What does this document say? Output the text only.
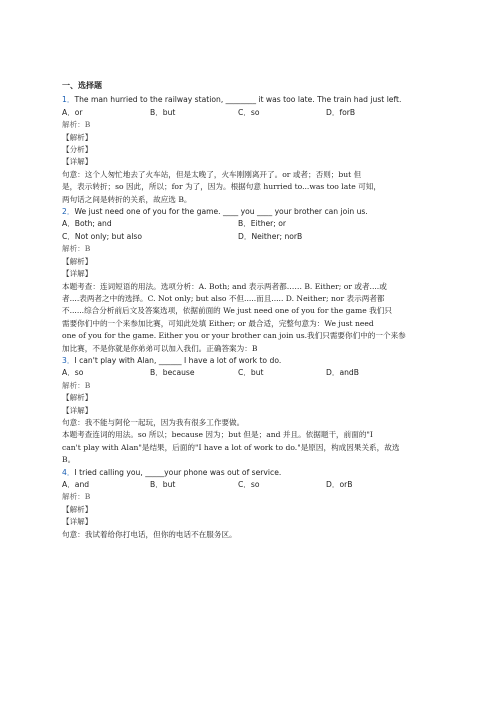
一、选择题
1．The man hurried to the railway station, ________ it was too late. The train had just left.
A．or	B．but	C．so	D．forB
解析：B
【解析】
【分析】
【详解】
句意：这个人匆忙地去了火车站，但是太晚了，火车刚刚离开了。or 或者；否则；but 但
是，表示转折；so 因此，所以；for 为了，因为。根据句意 hurried to...was too late 可知，
两句话之间是转折的关系，故应选 B。
2．We just need one of you for the game. ____ you ____ your brother can join us.
A．Both; and	B．Either; or
C．Not only; but also	D．Neither; norB
解析：B
【解析】
【详解】
本题考查：连词短语的用法。选项分析：A. Both; and 表示两者都…… B. Either; or 或者....或
者....表两者之中的选择。C. Not only; but also 不但.....而且..... D. Neither; nor 表示两者都
不......综合分析前后文及答案选项，依据前面的 We just need one of you for the game 我们只
需要你们中的一个来参加比赛，可知此处填 Either; or 最合适，完整句意为：We just need
one of you for the game. Either you or your brother can join us.我们只需要你们中的一个来参
加比赛，不是你就是你弟弟可以加入我们。正确答案为：B
3．I can't play with Alan, ______ I have a lot of work to do.
A．so	B．because	C．but	D．andB
解析：B
【解析】
【详解】
句意：我不能与阿伦一起玩，因为我有很多工作要做。
本题考查连词的用法。so 所以；because 因为；but 但是；and 并且。依据题干，前面的"I
can't play with Alan"是结果，后面的"I have a lot of work to do."是原因，构成因果关系，故选
B。
4．I tried calling you, _____your phone was out of service.
A．and	B．but	C．so	D．orB
解析：B
【解析】
【详解】
句意：我试着给你打电话，但你的电话不在服务区。
